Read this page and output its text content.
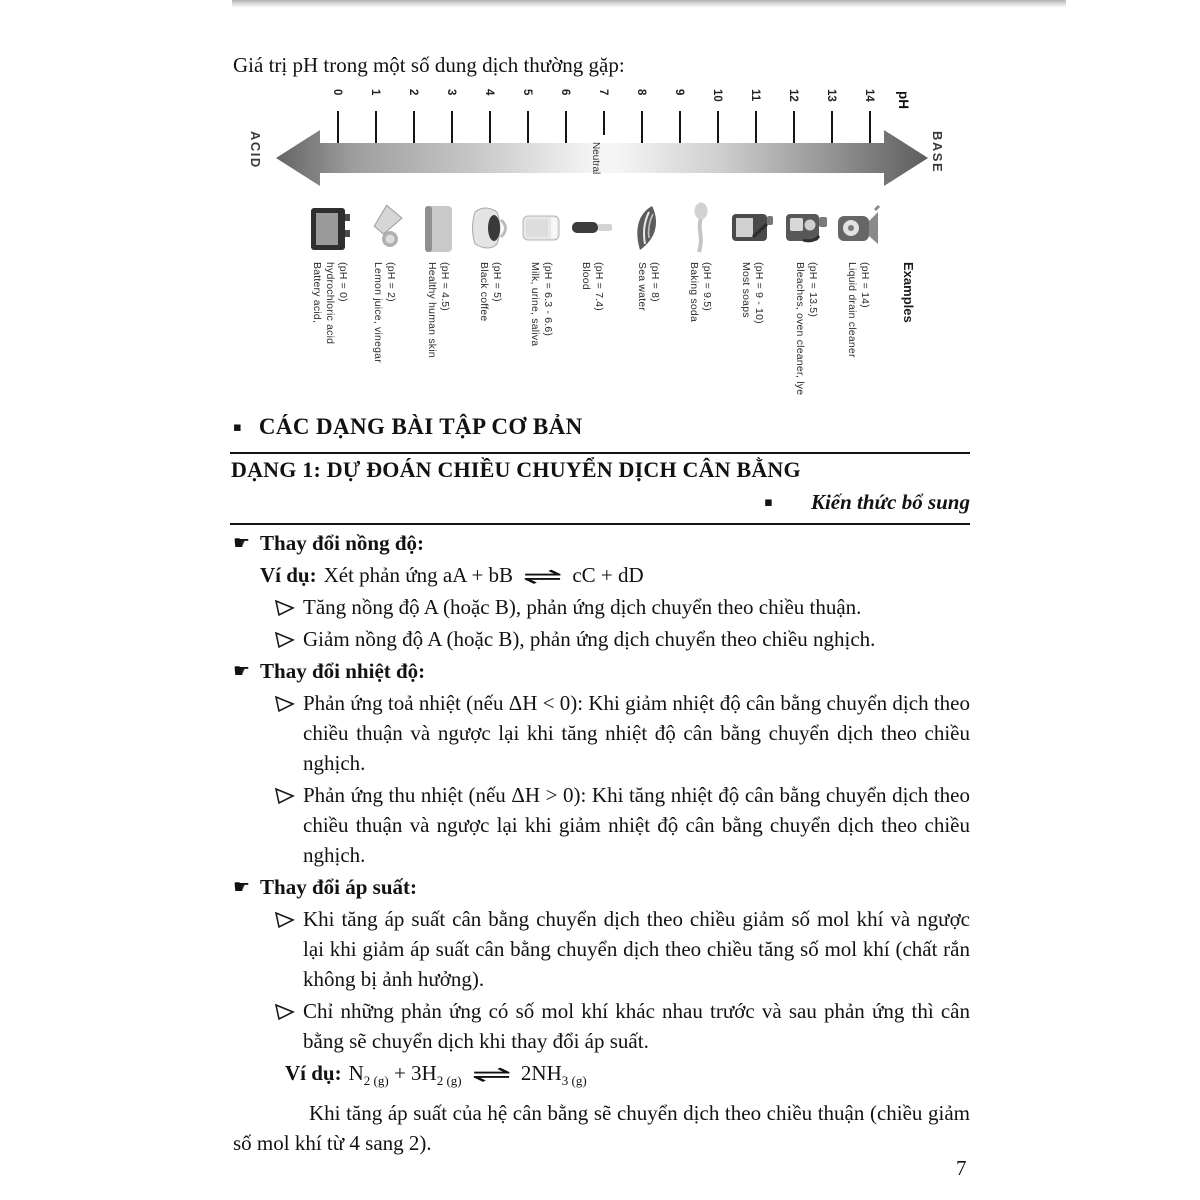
Giá trị pH trong một số dung dịch thường gặp:
0 1 2 3 4 5 6 7 8 9 10 11 12 13 14 pH
ACID	BASE
Neutral
Battery acid,
hydrochloric acid
(pH = 0)
Lemon juice, vinegar
(pH = 2)	Healthy human skin
(pH = 4.5)
Black coffee
(pH = 5)
Milk, urine, saliva
(pH = 6.3 - 6.6)
Blood
(pH = 7.4)
Sea water
(pH = 8)
Baking soda
(pH = 9.5)
Most soaps
(pH = 9 - 10)
Bleaches, oven cleaner, lye
(pH = 13.5)
Liquid drain cleaner
(pH = 14) Examples
▪ CÁC DẠNG BÀI TẬP CƠ BẢN
DẠNG 1: DỰ ĐOÁN CHIỀU CHUYỂN DỊCH CÂN BẰNG
▪ Kiến thức bổ sung
☛ Thay đổi nồng độ:
Ví dụ: Xét phản ứng aA + bB ⇌ cC + dD
Tăng nồng độ A (hoặc B), phản ứng dịch chuyển theo chiều thuận.
Giảm nồng độ A (hoặc B), phản ứng dịch chuyển theo chiều nghịch.
☛ Thay đổi nhiệt độ:
Phản ứng toả nhiệt (nếu ΔH < 0): Khi giảm nhiệt độ cân bằng chuyển dịch theo chiều thuận và ngược lại khi tăng nhiệt độ cân bằng chuyển dịch theo chiều nghịch.
Phản ứng thu nhiệt (nếu ΔH > 0): Khi tăng nhiệt độ cân bằng chuyển dịch theo chiều thuận và ngược lại khi giảm nhiệt độ cân bằng chuyển dịch theo chiều nghịch.
☛ Thay đổi áp suất:
Khi tăng áp suất cân bằng chuyển dịch theo chiều giảm số mol khí và ngược lại khi giảm áp suất cân bằng chuyển dịch theo chiều tăng số mol khí (chất rắn không bị ảnh hưởng).
Chỉ những phản ứng có số mol khí khác nhau trước và sau phản ứng thì cân bằng sẽ chuyển dịch khi thay đổi áp suất.
Ví dụ: $N_{2 (g)} + 3H_{2 (g)}$ ⇌ $2NH_{3 (g)}$
Khi tăng áp suất của hệ cân bằng sẽ chuyển dịch theo chiều thuận (chiều giảm số mol khí từ 4 sang 2).
7
